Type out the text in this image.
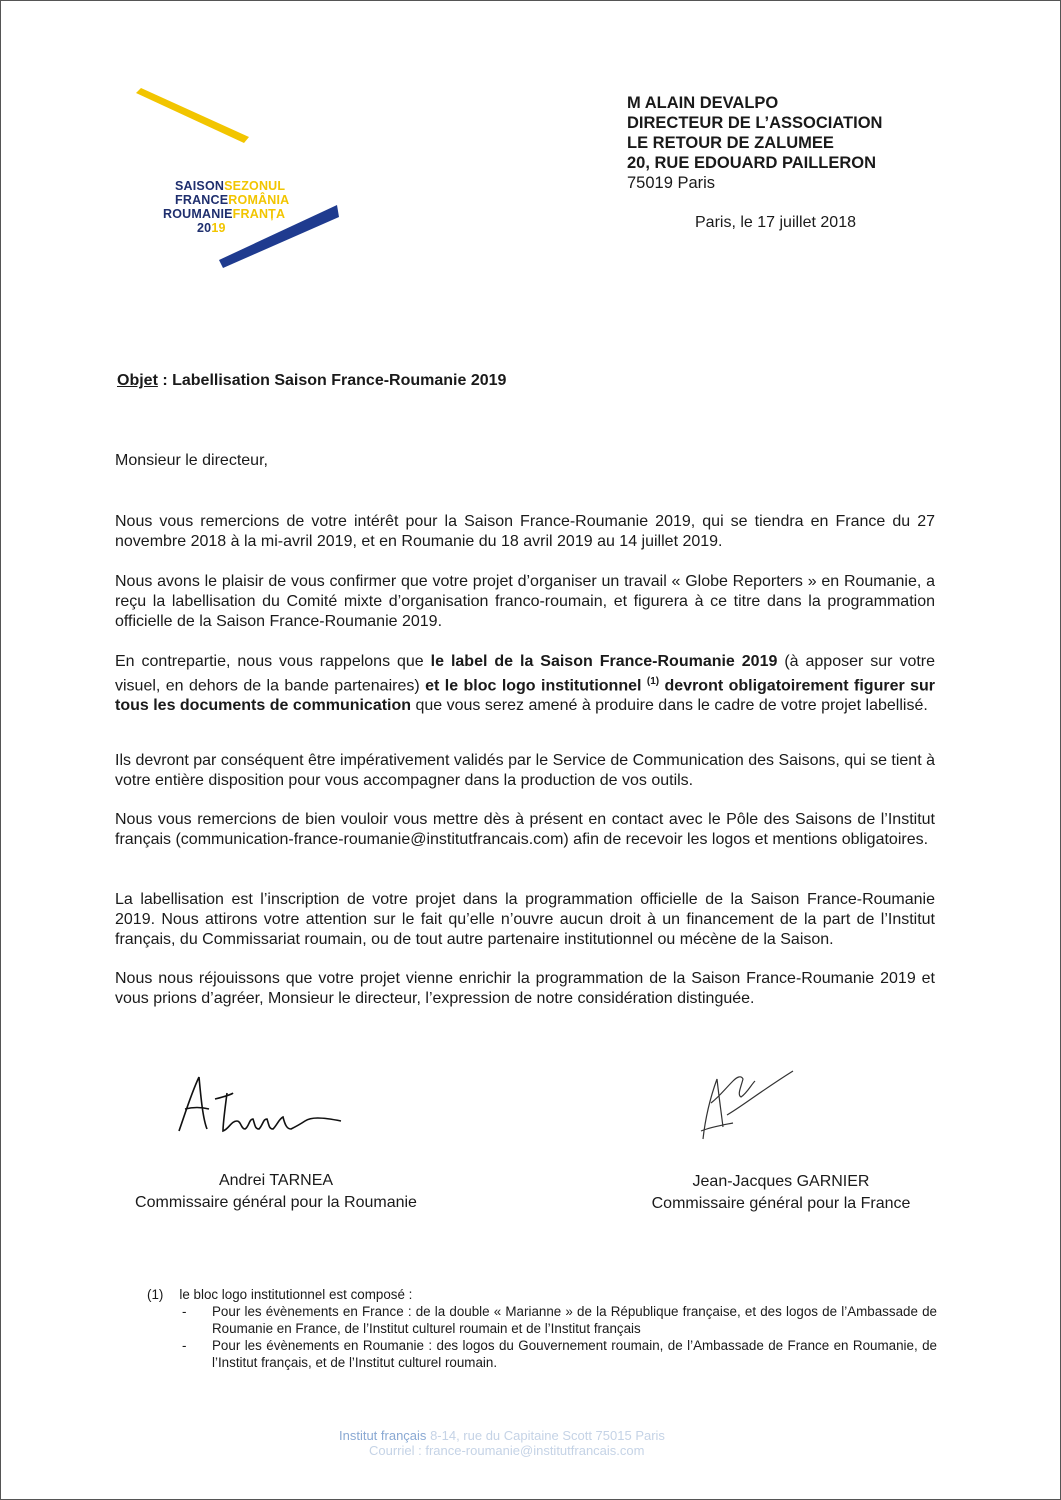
SAISONSEZONUL
FRANCEROMÂNIA
ROUMANIEFRANȚA
2019
M ALAIN DEVALPO
DIRECTEUR DE L’ASSOCIATION
LE RETOUR DE ZALUMEE
20, RUE EDOUARD PAILLERON
75019 Paris
Paris, le 17 juillet 2018
Objet : Labellisation Saison France-Roumanie 2019
Monsieur le directeur,

Nous vous remercions de votre intérêt pour la Saison France-Roumanie 2019, qui se tiendra en France du 27 novembre 2018 à la mi-avril 2019, et en Roumanie du 18 avril 2019 au 14 juillet 2019.

Nous avons le plaisir de vous confirmer que votre projet d’organiser un travail « Globe Reporters » en Roumanie, a reçu la labellisation du Comité mixte d’organisation franco-roumain, et figurera à ce titre dans la programmation officielle de la Saison France-Roumanie 2019.

En contrepartie, nous vous rappelons que le label de la Saison France-Roumanie 2019 (à apposer sur votre visuel, en dehors de la bande partenaires) et le bloc logo institutionnel $^{(1)}$ devront obligatoirement figurer sur tous les documents de communication que vous serez amené à produire dans le cadre de votre projet labellisé.

Ils devront par conséquent être impérativement validés par le Service de Communication des Saisons, qui se tient à votre entière disposition pour vous accompagner dans la production de vos outils.

Nous vous remercions de bien vouloir vous mettre dès à présent en contact avec le Pôle des Saisons de l’Institut français (communication-france-roumanie@institutfrancais.com) afin de recevoir les logos et mentions obligatoires.

La labellisation est l’inscription de votre projet dans la programmation officielle de la Saison France-Roumanie 2019. Nous attirons votre attention sur le fait qu’elle n’ouvre aucun droit à un financement de la part de l’Institut français, du Commissariat roumain, ou de tout autre partenaire institutionnel ou mécène de la Saison.

Nous nous réjouissons que votre projet vienne enrichir la programmation de la Saison France-Roumanie 2019 et vous prions d’agréer, Monsieur le directeur, l’expression de notre considération distinguée.

Andrei TARNEA
Commissaire général pour la Roumanie
Jean-Jacques GARNIER
Commissaire général pour la France
(1) le bloc logo institutionnel est composé :
- Pour les évènements en France : de la double « Marianne » de la République française, et des logos de l’Ambassade de Roumanie en France, de l’Institut culturel roumain et de l’Institut français
- Pour les évènements en Roumanie : des logos du Gouvernement roumain, de l’Ambassade de France en Roumanie, de l’Institut français, et de l’Institut culturel roumain.
Institut français 8-14, rue du Capitaine Scott 75015 Paris
Courriel : france-roumanie@institutfrancais.com
